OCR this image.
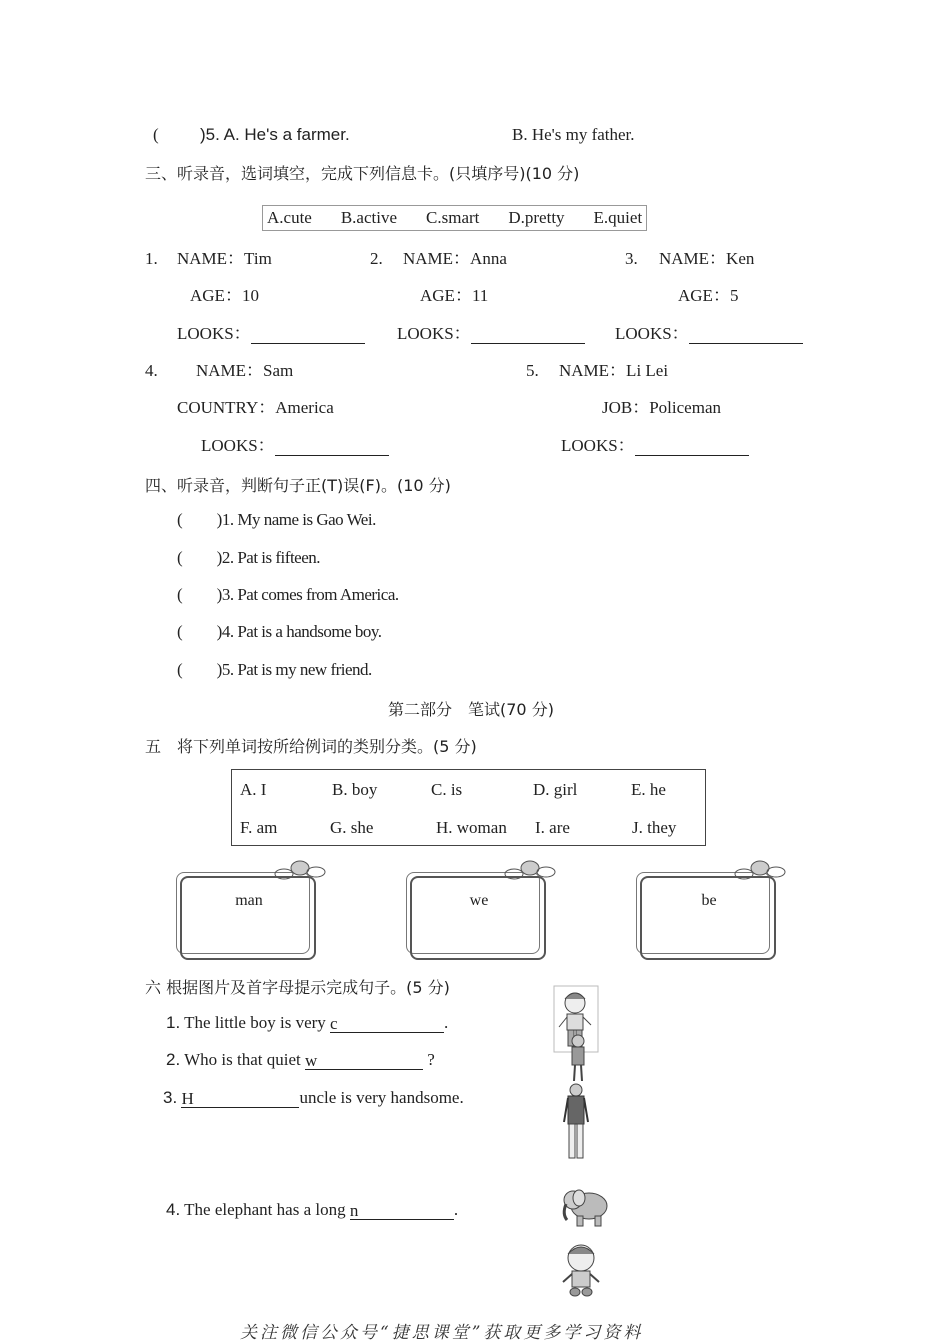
( )5. A. He's a farmer.	B. He's my father.
三、听录音，选词填空，完成下列信息卡。(只填序号)(10 分)
A.cute    B.active    C.smart    D.pretty    E.quiet
1. NAME：Tim
AGE：10
LOOKS：
2. NAME：Anna
AGE：11
LOOKS：
3. NAME：Ken
AGE：5
LOOKS：
4. NAME：Sam
COUNTRY：America
LOOKS：
5. NAME：Li Lei
JOB：Policeman
LOOKS：
四、听录音，判断句子正(T)误(F)。(10 分)
( )1. My name is Gao Wei.
( )2. Pat is fifteen.
( )3. Pat comes from America.
( )4. Pat is a handsome boy.
( )5. Pat is my new friend.
第二部分　笔试(70 分)
五　将下列单词按所给例词的类别分类。(5 分)
A. I	B. boy	C. is	D. girl	E. he
F. am	G. she	H. woman I. are	J. they
man	we	be
六 根据图片及首字母提示完成句子。(5 分)
1. The little boy is very c	.
2. Who is that quiet w	?
3. H	uncle is very handsome.
4. The elephant has a long n	.
关注微信公众号“捷思课堂”获取更多学习资料
